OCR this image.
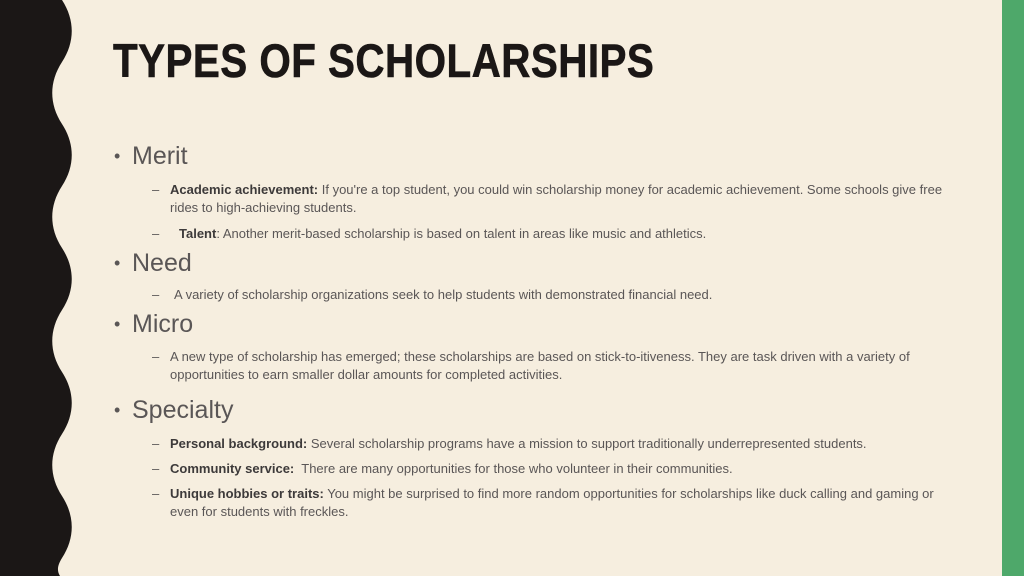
TYPES OF SCHOLARSHIPS

• Merit

– Academic achievement: If you're a top student, you could win scholarship money for academic achievement. Some schools give free rides to high-achieving students.

– Talent: Another merit-based scholarship is based on talent in areas like music and athletics.

• Need

– A variety of scholarship organizations seek to help students with demonstrated financial need.

• Micro

– A new type of scholarship has emerged; these scholarships are based on stick-to-itiveness. They are task driven with a variety of opportunities to earn smaller dollar amounts for completed activities.

• Specialty

– Personal background: Several scholarship programs have a mission to support traditionally underrepresented students.

– Community service:  There are many opportunities for those who volunteer in their communities.

– Unique hobbies or traits: You might be surprised to find more random opportunities for scholarships like duck calling and gaming or even for students with freckles.
